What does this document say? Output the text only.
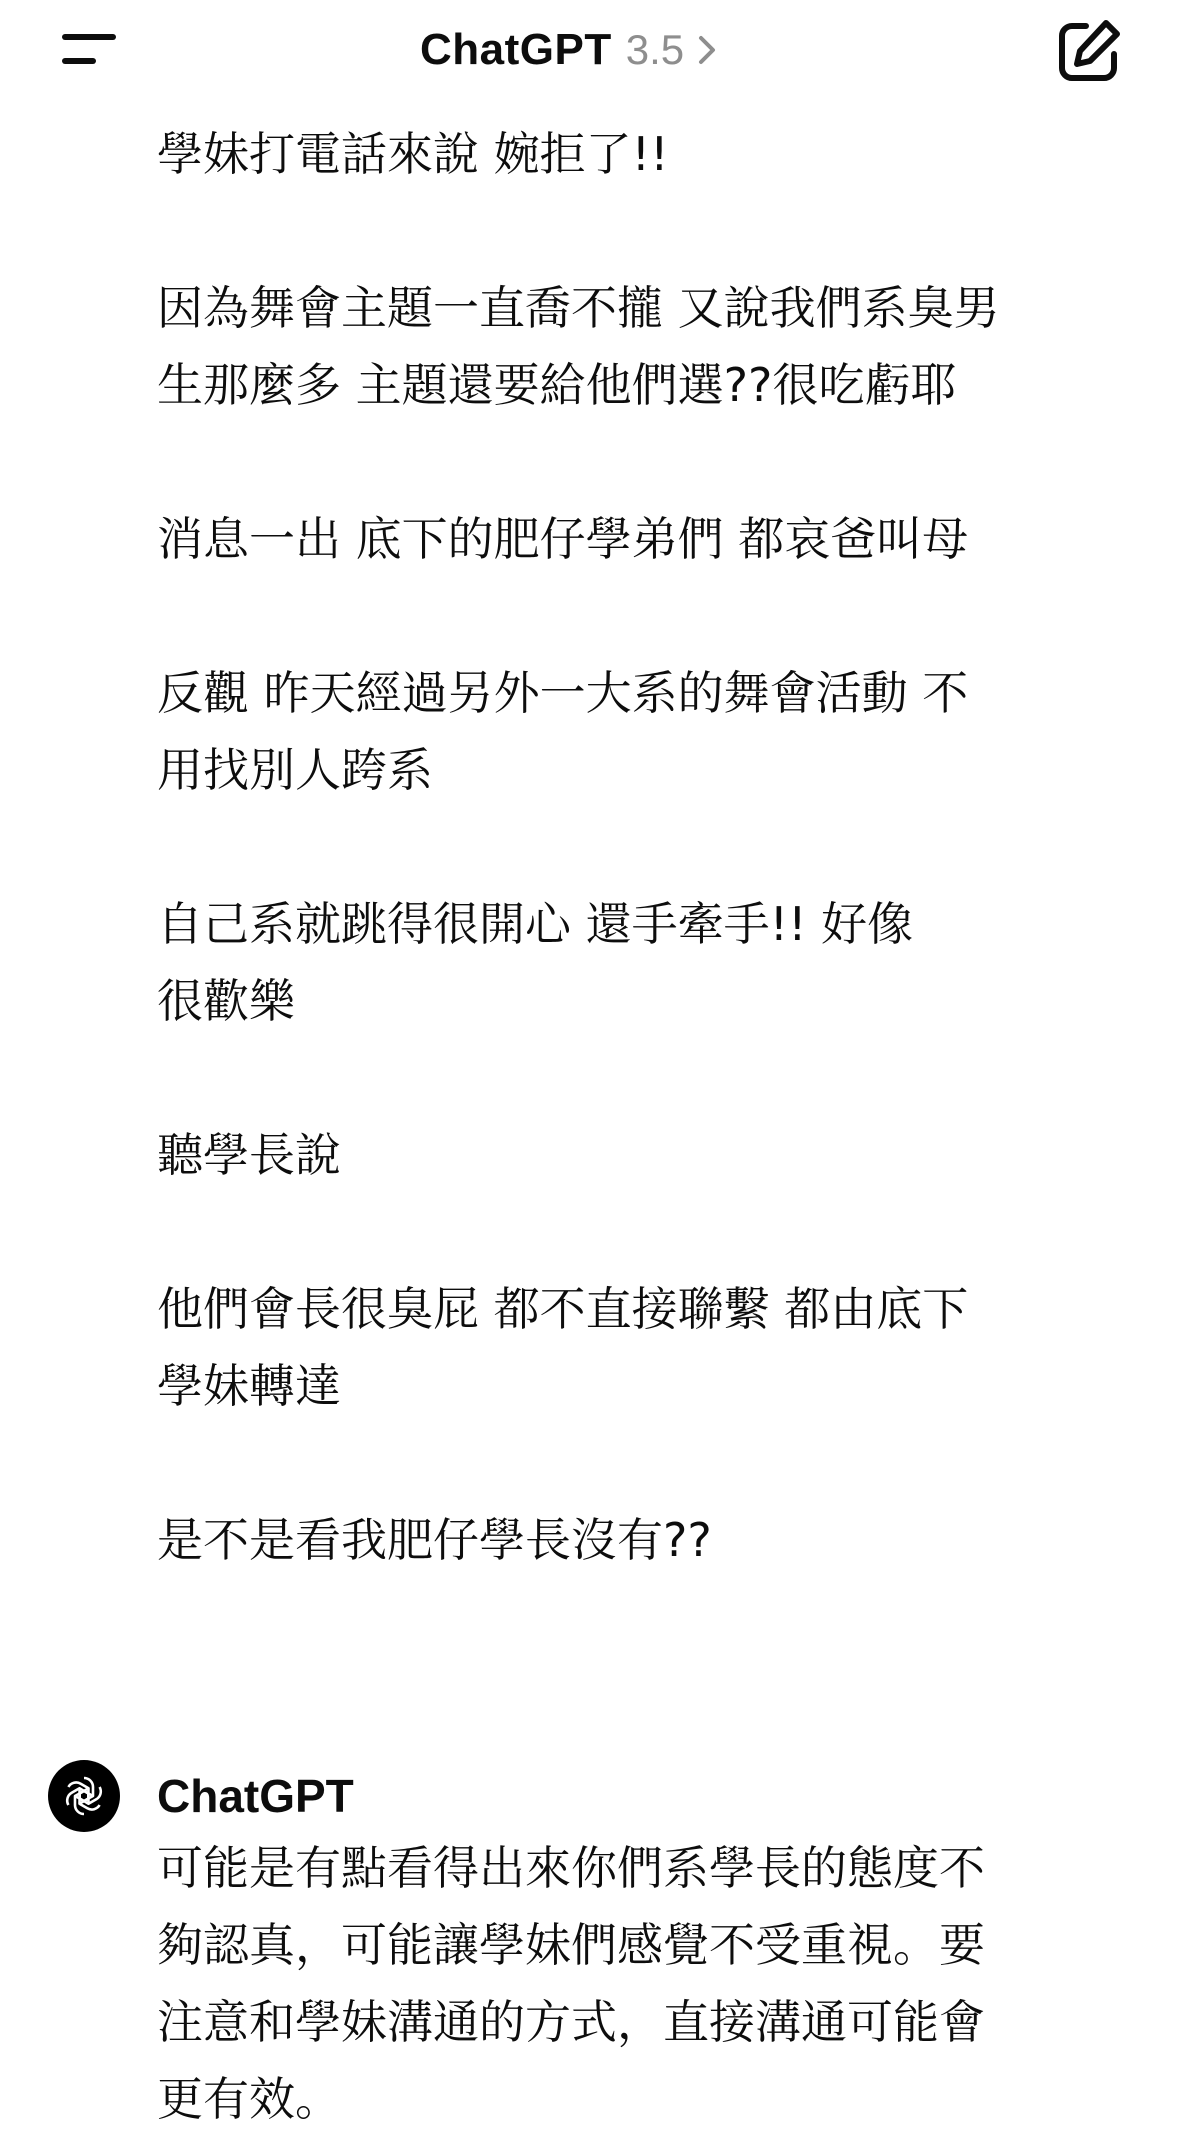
ChatGPT 3.5

學妹打電話來說 婉拒了!!

因為舞會主題一直喬不攏 又說我們系臭男
生那麼多 主題還要給他們選??很吃虧耶

消息一出 底下的肥仔學弟們 都哀爸叫母

反觀 昨天經過另外一大系的舞會活動 不
用找別人跨系

自己系就跳得很開心 還手牽手!! 好像
很歡樂

聽學長說

他們會長很臭屁 都不直接聯繫 都由底下
學妹轉達

是不是看我肥仔學長沒有??

ChatGPT

可能是有點看得出來你們系學長的態度不
夠認真，可能讓學妹們感覺不受重視。要
注意和學妹溝通的方式，直接溝通可能會
更有效。
